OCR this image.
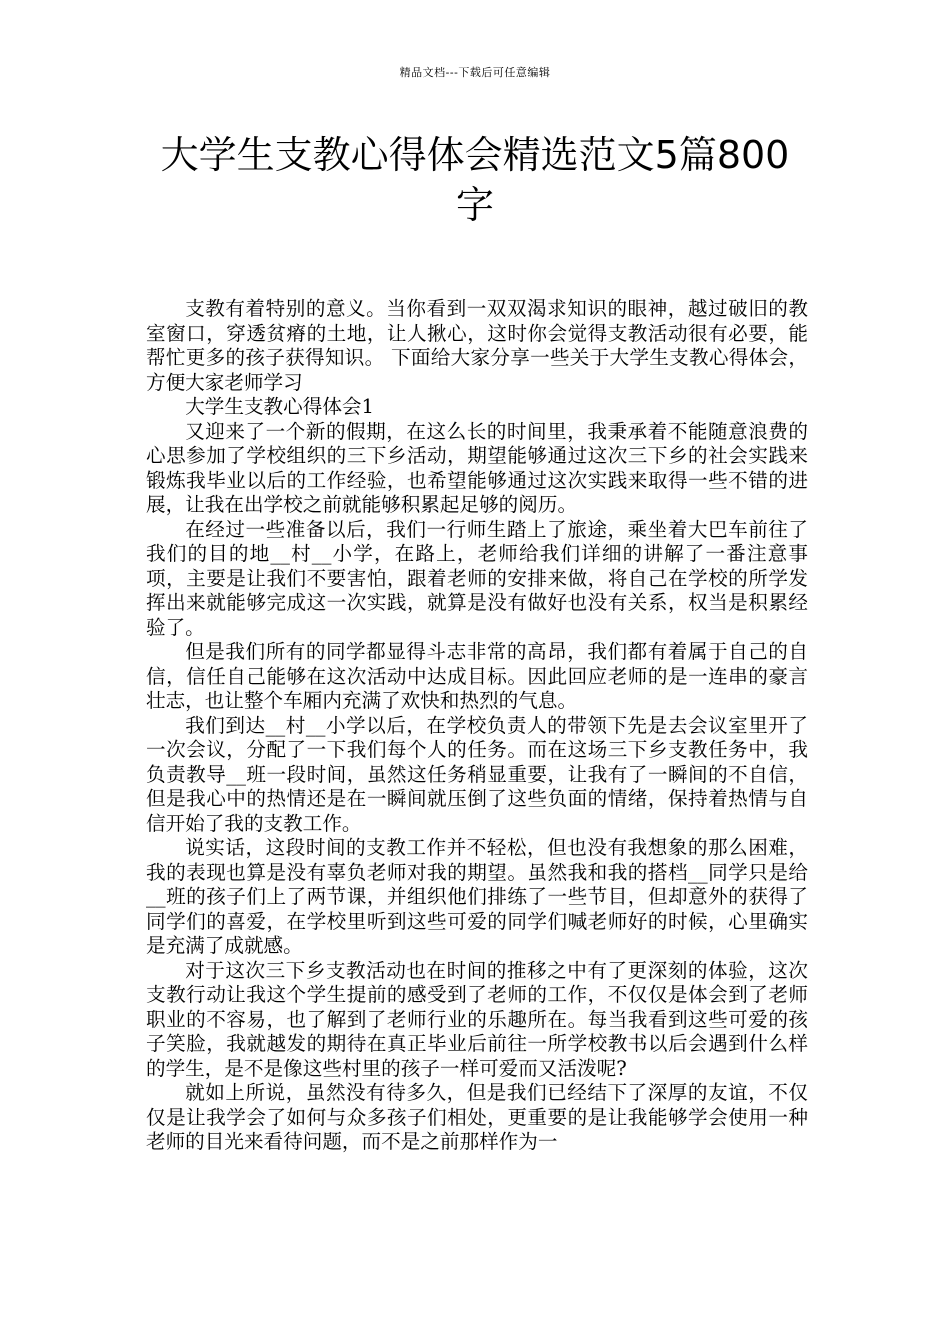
精品文档---下载后可任意编辑
大学生支教心得体会精选范文5篇800字

支教有着特别的意义。当你看到一双双渴求知识的眼神，越过破旧的教室窗口，穿透贫瘠的土地，让人揪心，这时你会觉得支教活动很有必要，能帮忙更多的孩子获得知识。 下面给大家分享一些关于大学生支教心得体会，方便大家老师学习

大学生支教心得体会1

又迎来了一个新的假期，在这么长的时间里，我秉承着不能随意浪费的心思参加了学校组织的三下乡活动，期望能够通过这次三下乡的社会实践来锻炼我毕业以后的工作经验，也希望能够通过这次实践来取得一些不错的进展，让我在出学校之前就能够积累起足够的阅历。

在经过一些准备以后，我们一行师生踏上了旅途，乘坐着大巴车前往了我们的目的地__村__小学，在路上，老师给我们详细的讲解了一番注意事项，主要是让我们不要害怕，跟着老师的安排来做，将自己在学校的所学发挥出来就能够完成这一次实践，就算是没有做好也没有关系，权当是积累经验了。

但是我们所有的同学都显得斗志非常的高昂，我们都有着属于自己的自信，信任自己能够在这次活动中达成目标。因此回应老师的是一连串的豪言壮志，也让整个车厢内充满了欢快和热烈的气息。

我们到达__村__小学以后，在学校负责人的带领下先是去会议室里开了一次会议，分配了一下我们每个人的任务。而在这场三下乡支教任务中，我负责教导__班一段时间，虽然这任务稍显重要，让我有了一瞬间的不自信，但是我心中的热情还是在一瞬间就压倒了这些负面的情绪，保持着热情与自信开始了我的支教工作。

说实话，这段时间的支教工作并不轻松，但也没有我想象的那么困难，我的表现也算是没有辜负老师对我的期望。虽然我和我的搭档__同学只是给__班的孩子们上了两节课，并组织他们排练了一些节目，但却意外的获得了同学们的喜爱，在学校里听到这些可爱的同学们喊老师好的时候，心里确实是充满了成就感。

对于这次三下乡支教活动也在时间的推移之中有了更深刻的体验，这次支教行动让我这个学生提前的感受到了老师的工作，不仅仅是体会到了老师职业的不容易，也了解到了老师行业的乐趣所在。每当我看到这些可爱的孩子笑脸，我就越发的期待在真正毕业后前往一所学校教书以后会遇到什么样的学生，是不是像这些村里的孩子一样可爱而又活泼呢?

就如上所说，虽然没有待多久，但是我们已经结下了深厚的友谊，不仅仅是让我学会了如何与众多孩子们相处，更重要的是让我能够学会使用一种老师的目光来看待问题，而不是之前那样作为一
